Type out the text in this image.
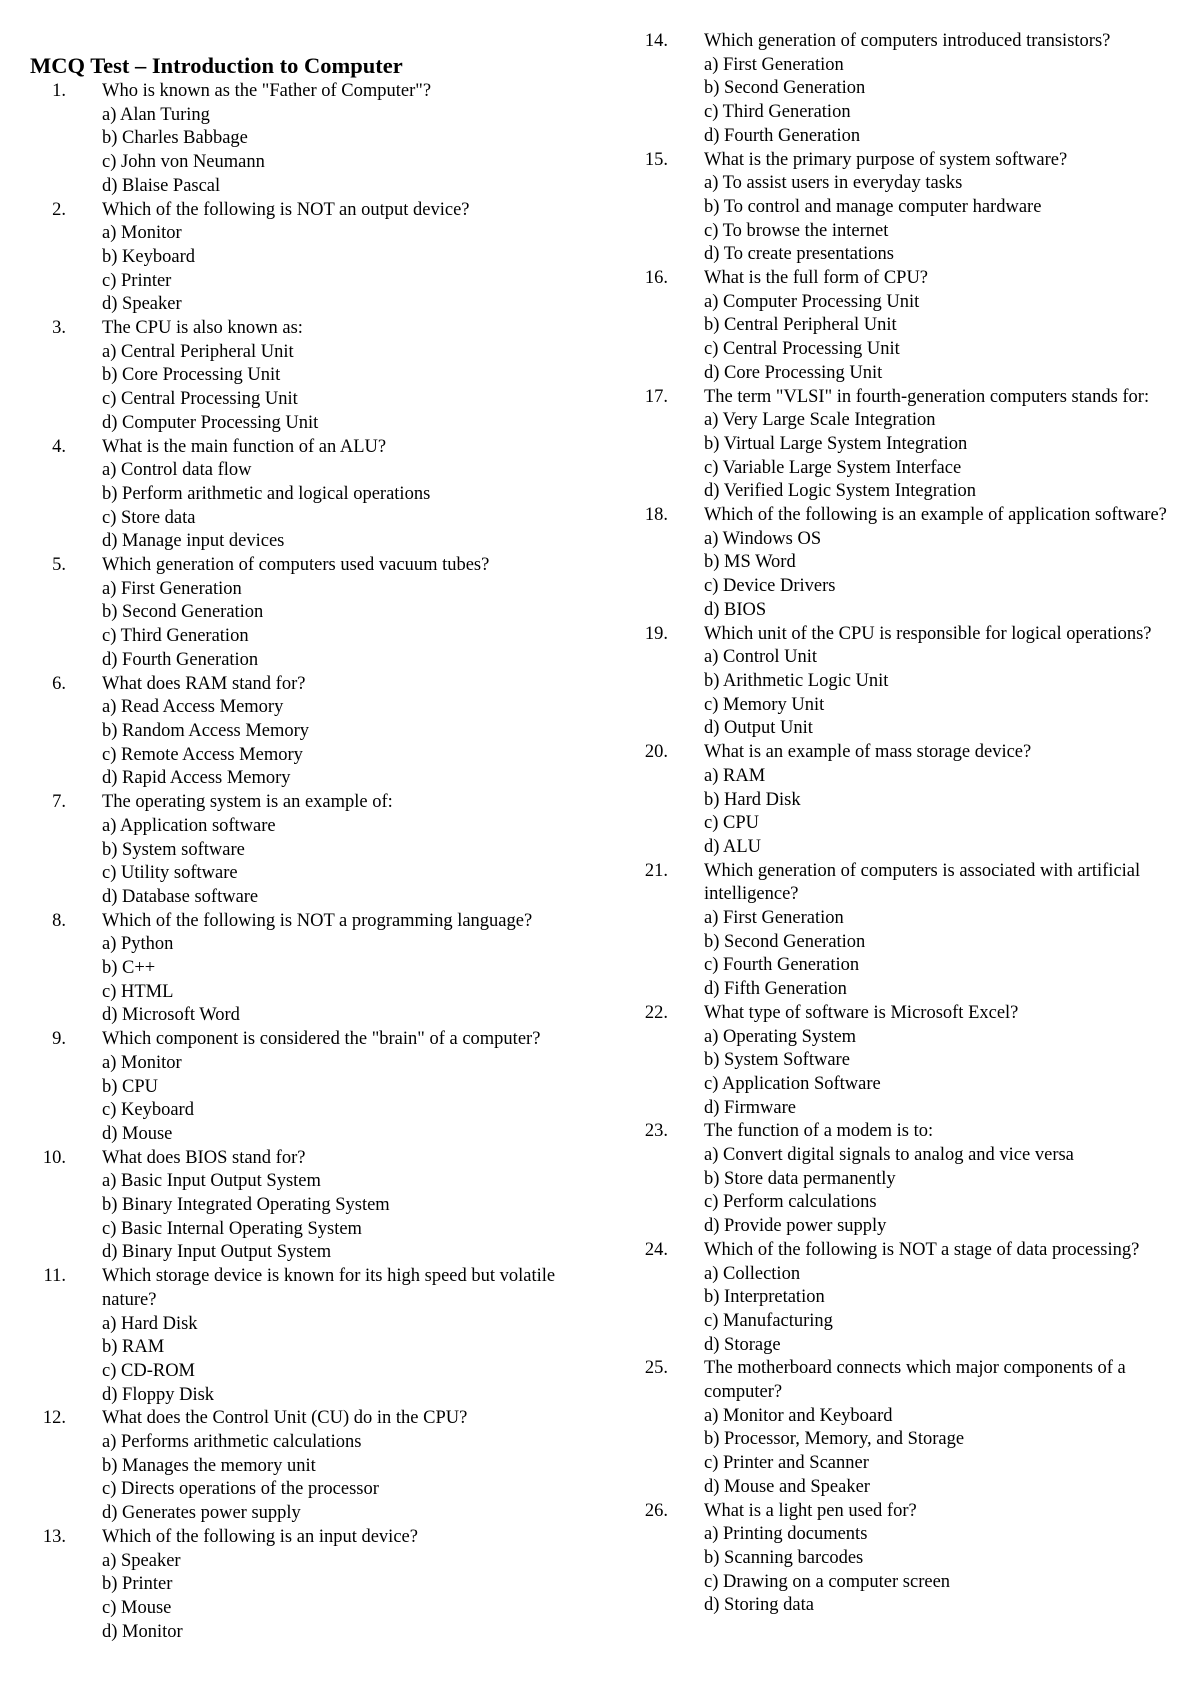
MCQ Test – Introduction to Computer
1. Who is known as the "Father of Computer"?
a) Alan Turing
b) Charles Babbage
c) John von Neumann
d) Blaise Pascal
2. Which of the following is NOT an output device?
a) Monitor
b) Keyboard
c) Printer
d) Speaker
3. The CPU is also known as:
a) Central Peripheral Unit
b) Core Processing Unit
c) Central Processing Unit
d) Computer Processing Unit
4. What is the main function of an ALU?
a) Control data flow
b) Perform arithmetic and logical operations
c) Store data
d) Manage input devices
5. Which generation of computers used vacuum tubes?
a) First Generation
b) Second Generation
c) Third Generation
d) Fourth Generation
6. What does RAM stand for?
a) Read Access Memory
b) Random Access Memory
c) Remote Access Memory
d) Rapid Access Memory
7. The operating system is an example of:
a) Application software
b) System software
c) Utility software
d) Database software
8. Which of the following is NOT a programming language?
a) Python
b) C++
c) HTML
d) Microsoft Word
9. Which component is considered the "brain" of a computer?
a) Monitor
b) CPU
c) Keyboard
d) Mouse
10. What does BIOS stand for?
a) Basic Input Output System
b) Binary Integrated Operating System
c) Basic Internal Operating System
d) Binary Input Output System
11. Which storage device is known for its high speed but volatile nature?
a) Hard Disk
b) RAM
c) CD-ROM
d) Floppy Disk
12. What does the Control Unit (CU) do in the CPU?
a) Performs arithmetic calculations
b) Manages the memory unit
c) Directs operations of the processor
d) Generates power supply
13. Which of the following is an input device?
a) Speaker
b) Printer
c) Mouse
d) Monitor
14. Which generation of computers introduced transistors?
a) First Generation
b) Second Generation
c) Third Generation
d) Fourth Generation
15. What is the primary purpose of system software?
a) To assist users in everyday tasks
b) To control and manage computer hardware
c) To browse the internet
d) To create presentations
16. What is the full form of CPU?
a) Computer Processing Unit
b) Central Peripheral Unit
c) Central Processing Unit
d) Core Processing Unit
17. The term "VLSI" in fourth-generation computers stands for:
a) Very Large Scale Integration
b) Virtual Large System Integration
c) Variable Large System Interface
d) Verified Logic System Integration
18. Which of the following is an example of application software?
a) Windows OS
b) MS Word
c) Device Drivers
d) BIOS
19. Which unit of the CPU is responsible for logical operations?
a) Control Unit
b) Arithmetic Logic Unit
c) Memory Unit
d) Output Unit
20. What is an example of mass storage device?
a) RAM
b) Hard Disk
c) CPU
d) ALU
21. Which generation of computers is associated with artificial intelligence?
a) First Generation
b) Second Generation
c) Fourth Generation
d) Fifth Generation
22. What type of software is Microsoft Excel?
a) Operating System
b) System Software
c) Application Software
d) Firmware
23. The function of a modem is to:
a) Convert digital signals to analog and vice versa
b) Store data permanently
c) Perform calculations
d) Provide power supply
24. Which of the following is NOT a stage of data processing?
a) Collection
b) Interpretation
c) Manufacturing
d) Storage
25. The motherboard connects which major components of a computer?
a) Monitor and Keyboard
b) Processor, Memory, and Storage
c) Printer and Scanner
d) Mouse and Speaker
26. What is a light pen used for?
a) Printing documents
b) Scanning barcodes
c) Drawing on a computer screen
d) Storing data
